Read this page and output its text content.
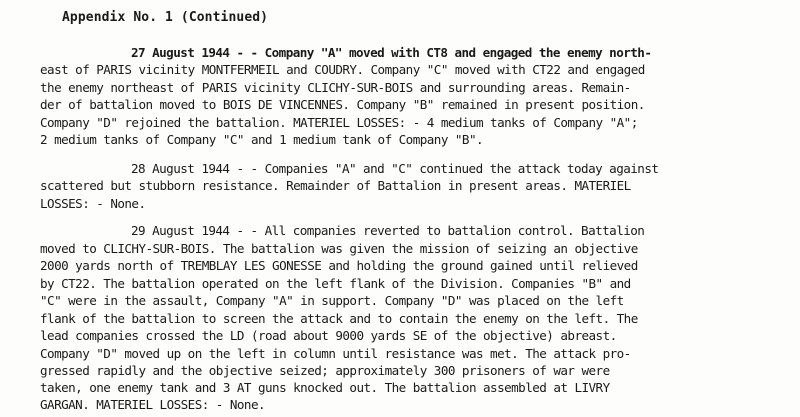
Appendix No. 1 (Continued)
27 August 1944 - - Company "A" moved with CT8 and engaged the enemy north-
east of PARIS vicinity MONTFERMEIL and COUDRY. Company "C" moved with CT22 and engaged
the enemy northeast of PARIS vicinity CLICHY-SUR-BOIS and surrounding areas. Remain-
der of battalion moved to BOIS DE VINCENNES. Company "B" remained in present position.
Company "D" rejoined the battalion. MATERIEL LOSSES: - 4 medium tanks of Company "A";
2 medium tanks of Company "C" and 1 medium tank of Company "B".
28 August 1944 - - Companies "A" and "C" continued the attack today against
scattered but stubborn resistance. Remainder of Battalion in present areas. MATERIEL
LOSSES: - None.
29 August 1944 - - All companies reverted to battalion control. Battalion
moved to CLICHY-SUR-BOIS. The battalion was given the mission of seizing an objective
2000 yards north of TREMBLAY LES GONESSE and holding the ground gained until relieved
by CT22. The battalion operated on the left flank of the Division. Companies "B" and
"C" were in the assault, Company "A" in support. Company "D" was placed on the left
flank of the battalion to screen the attack and to contain the enemy on the left. The
lead companies crossed the LD (road about 9000 yards SE of the objective) abreast.
Company "D" moved up on the left in column until resistance was met. The attack pro-
gressed rapidly and the objective seized; approximately 300 prisoners of war were
taken, one enemy tank and 3 AT guns knocked out. The battalion assembled at LIVRY
GARGAN. MATERIEL LOSSES: - None.
